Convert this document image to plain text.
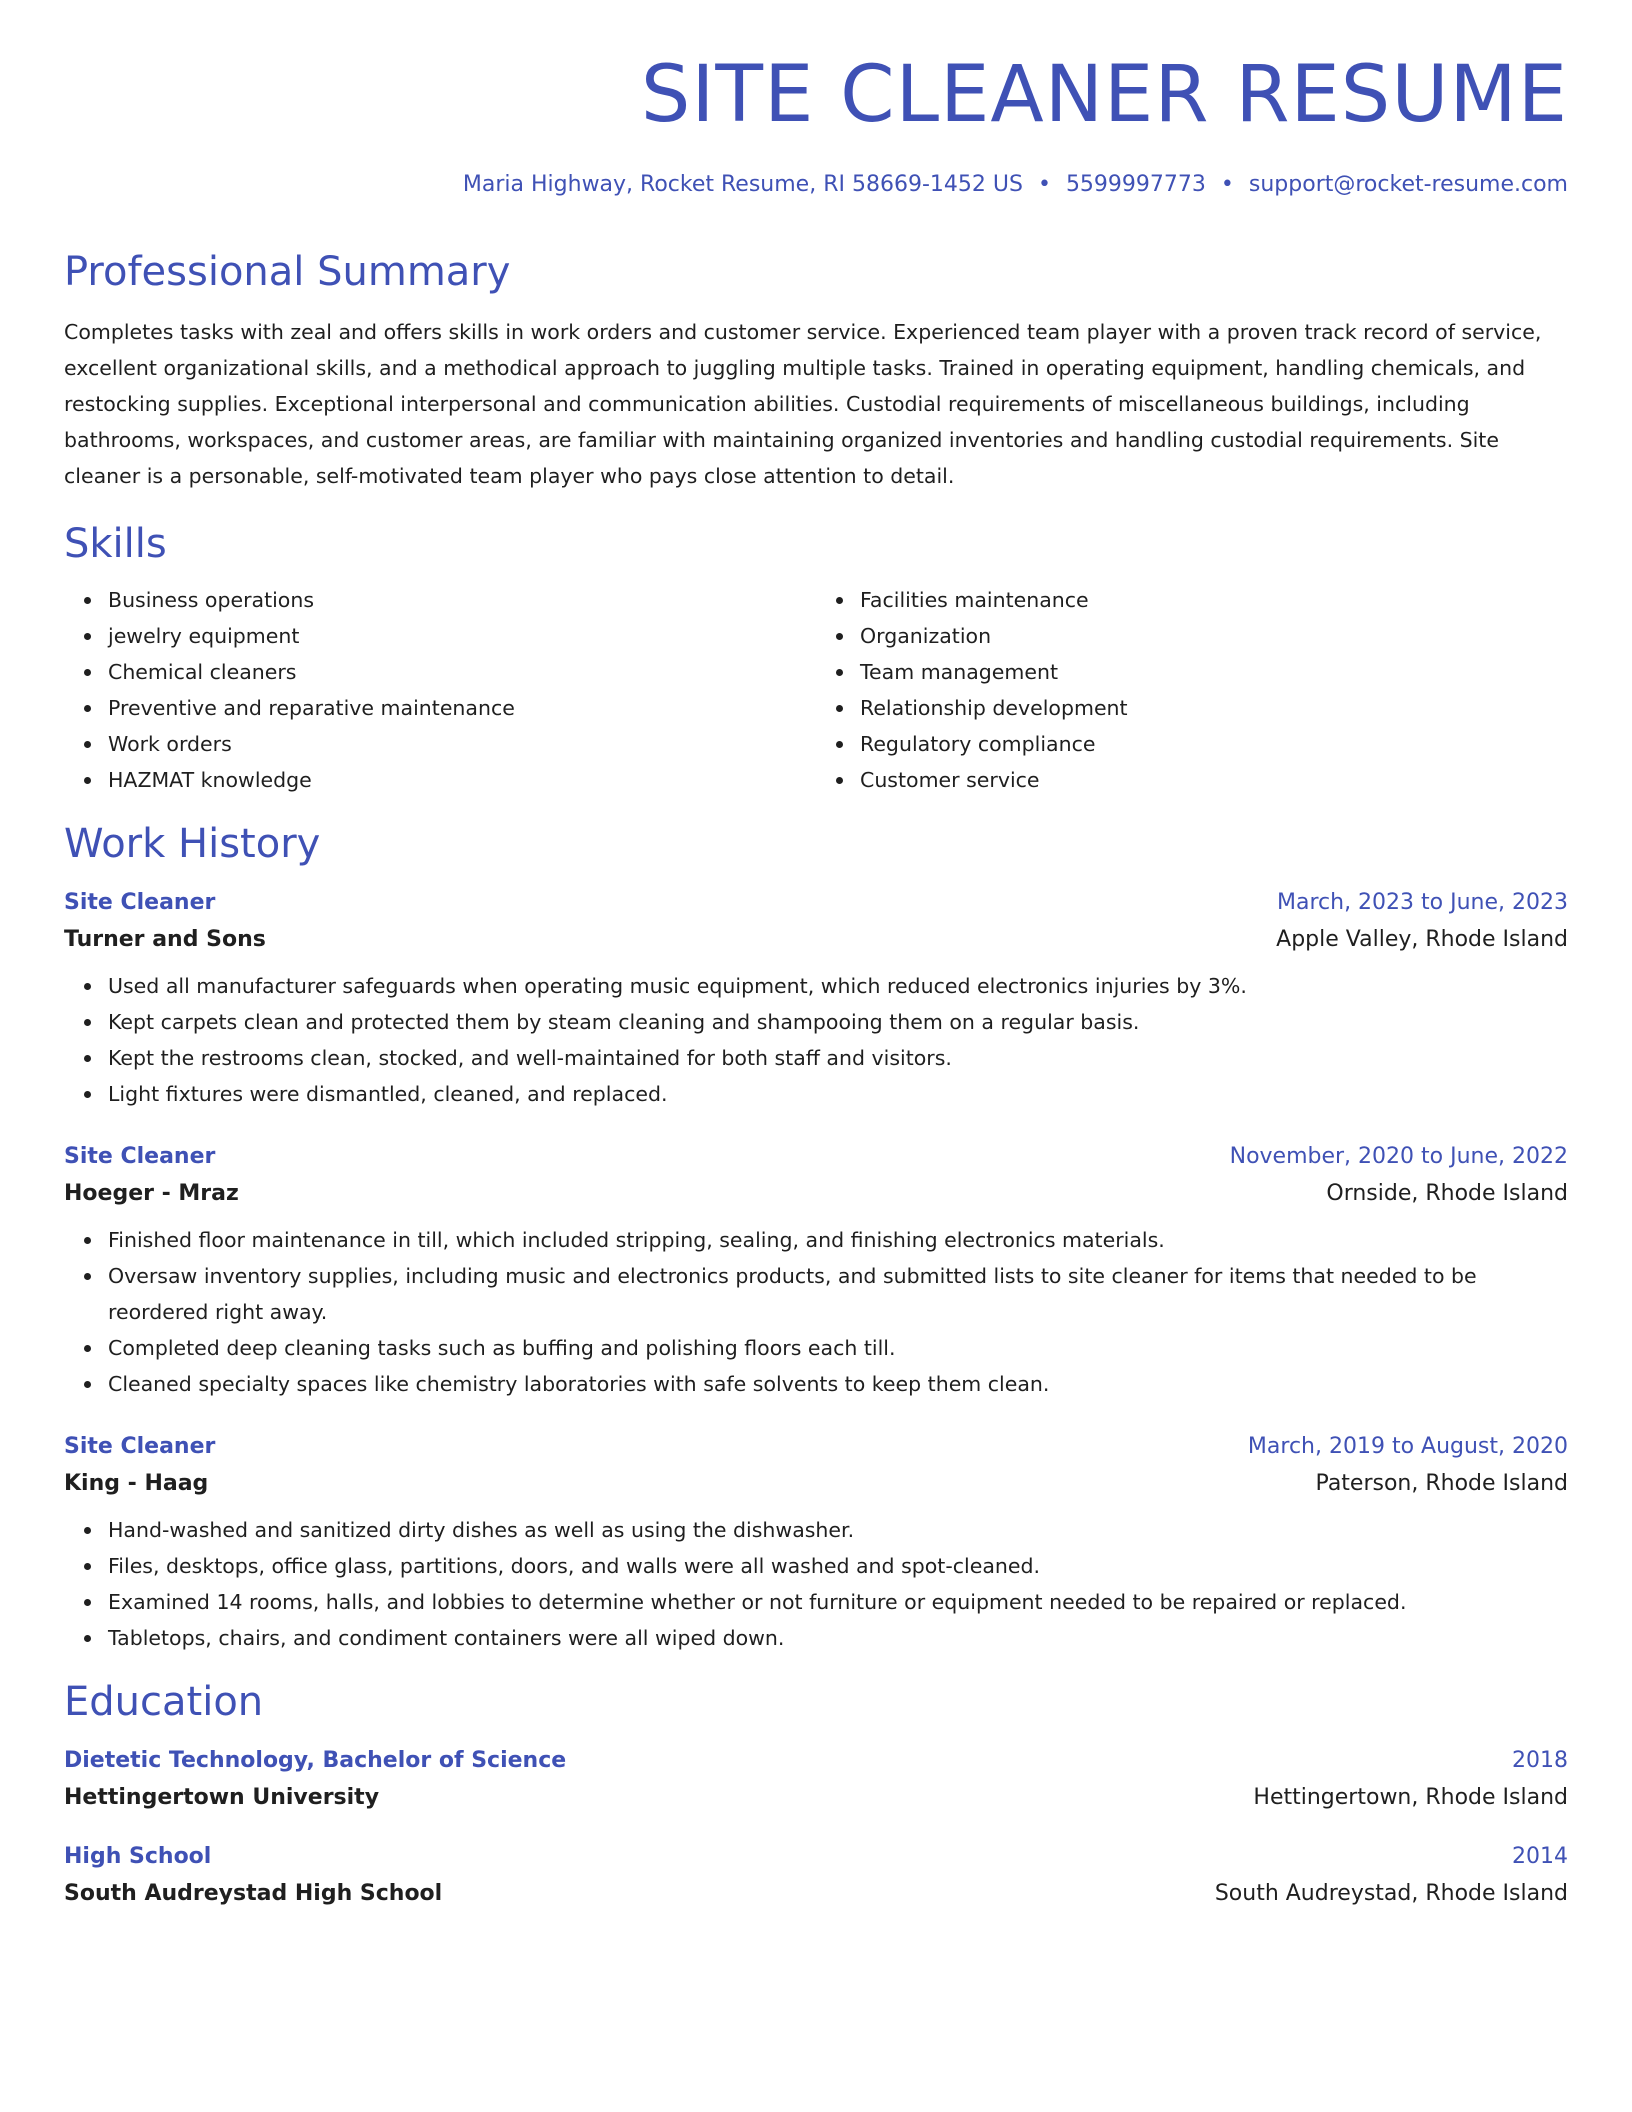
SITE CLEANER RESUME
Maria Highway, Rocket Resume, RI 58669-1452 US • 5599997773 • support@rocket-resume.com
Professional Summary
Completes tasks with zeal and offers skills in work orders and customer service. Experienced team player with a proven track record of service, excellent organizational skills, and a methodical approach to juggling multiple tasks. Trained in operating equipment, handling chemicals, and restocking supplies. Exceptional interpersonal and communication abilities. Custodial requirements of miscellaneous buildings, including bathrooms, workspaces, and customer areas, are familiar with maintaining organized inventories and handling custodial requirements. Site cleaner is a personable, self-motivated team player who pays close attention to detail.
Skills
Business operations
jewelry equipment
Chemical cleaners
Preventive and reparative maintenance
Work orders
HAZMAT knowledge
Facilities maintenance
Organization
Team management
Relationship development
Regulatory compliance
Customer service
Work History
Site Cleaner	March, 2023 to June, 2023
Turner and Sons	Apple Valley, Rhode Island
Used all manufacturer safeguards when operating music equipment, which reduced electronics injuries by 3%.
Kept carpets clean and protected them by steam cleaning and shampooing them on a regular basis.
Kept the restrooms clean, stocked, and well-maintained for both staff and visitors.
Light fixtures were dismantled, cleaned, and replaced.
Site Cleaner	November, 2020 to June, 2022
Hoeger - Mraz	Ornside, Rhode Island
Finished floor maintenance in till, which included stripping, sealing, and finishing electronics materials.
Oversaw inventory supplies, including music and electronics products, and submitted lists to site cleaner for items that needed to be reordered right away.
Completed deep cleaning tasks such as buffing and polishing floors each till.
Cleaned specialty spaces like chemistry laboratories with safe solvents to keep them clean.
Site Cleaner	March, 2019 to August, 2020
King - Haag	Paterson, Rhode Island
Hand-washed and sanitized dirty dishes as well as using the dishwasher.
Files, desktops, office glass, partitions, doors, and walls were all washed and spot-cleaned.
Examined 14 rooms, halls, and lobbies to determine whether or not furniture or equipment needed to be repaired or replaced.
Tabletops, chairs, and condiment containers were all wiped down.
Education
Dietetic Technology, Bachelor of Science	2018
Hettingertown University	Hettingertown, Rhode Island
High School	2014
South Audreystad High School	South Audreystad, Rhode Island
